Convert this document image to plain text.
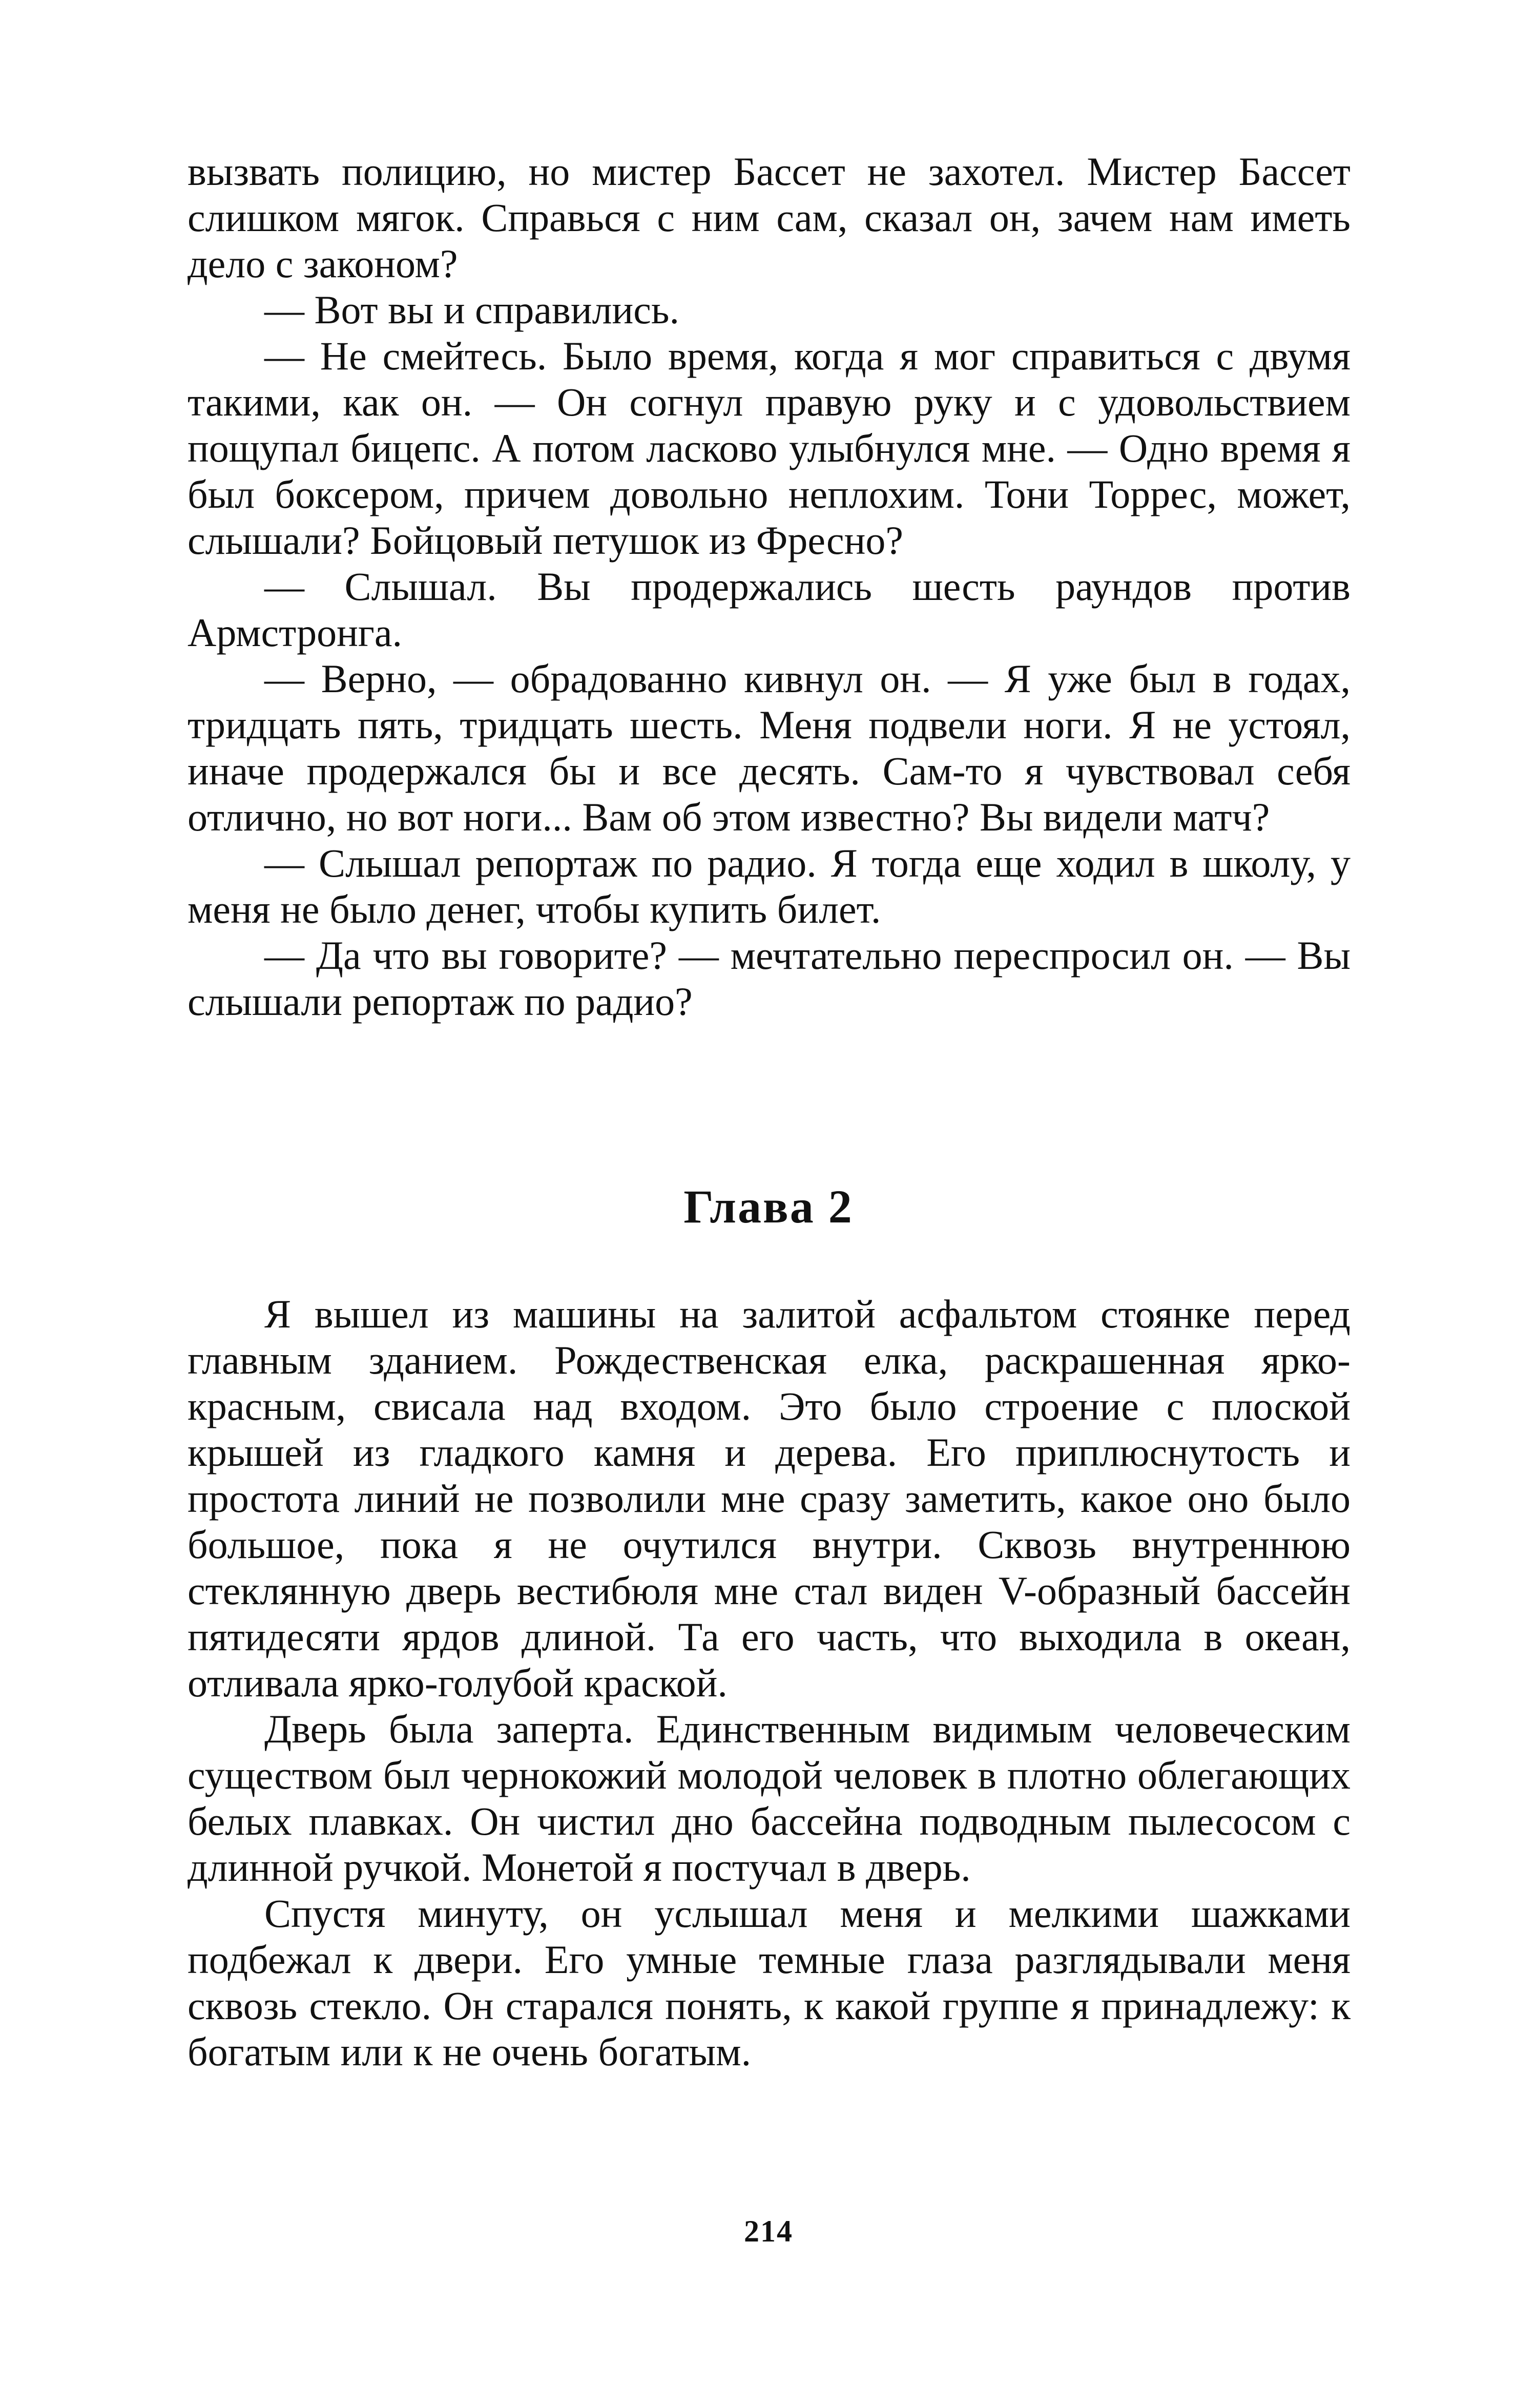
вызвать полицию, но мистер Бассет не захотел. Мистер Бассет слишком мягок. Справься с ним сам, сказал он, зачем нам иметь дело с законом?

— Вот вы и справились.

— Не смейтесь. Было время, когда я мог справиться с двумя такими, как он. — Он согнул правую руку и с удовольствием пощупал бицепс. А потом ласково улыбнулся мне. — Одно время я был боксером, причем довольно неплохим. Тони Торрес, может, слышали? Бойцовый петушок из Фресно?

— Слышал. Вы продержались шесть раундов против Армстронга.

— Верно, — обрадованно кивнул он. — Я уже был в годах, тридцать пять, тридцать шесть. Меня подвели ноги. Я не устоял, иначе продержался бы и все десять. Сам-то я чувствовал себя отлично, но вот ноги... Вам об этом известно? Вы видели матч?

— Слышал репортаж по радио. Я тогда еще ходил в школу, у меня не было денег, чтобы купить билет.

— Да что вы говорите? — мечтательно переспросил он. — Вы слышали репортаж по радио?

Глава 2

Я вышел из машины на залитой асфальтом стоянке перед главным зданием. Рождественская елка, раскрашенная ярко-красным, свисала над входом. Это было строение с плоской крышей из гладкого камня и дерева. Его приплюснутость и простота линий не позволили мне сразу заметить, какое оно было большое, пока я не очутился внутри. Сквозь внутреннюю стеклянную дверь вестибюля мне стал виден V-образный бассейн пятидесяти ярдов длиной. Та его часть, что выходила в океан, отливала ярко-голубой краской.

Дверь была заперта. Единственным видимым человеческим существом был чернокожий молодой человек в плотно облегающих белых плавках. Он чистил дно бассейна подводным пылесосом с длинной ручкой. Монетой я постучал в дверь.

Спустя минуту, он услышал меня и мелкими шажками подбежал к двери. Его умные темные глаза разглядывали меня сквозь стекло. Он старался понять, к какой группе я принадлежу: к богатым или к не очень богатым.

214
